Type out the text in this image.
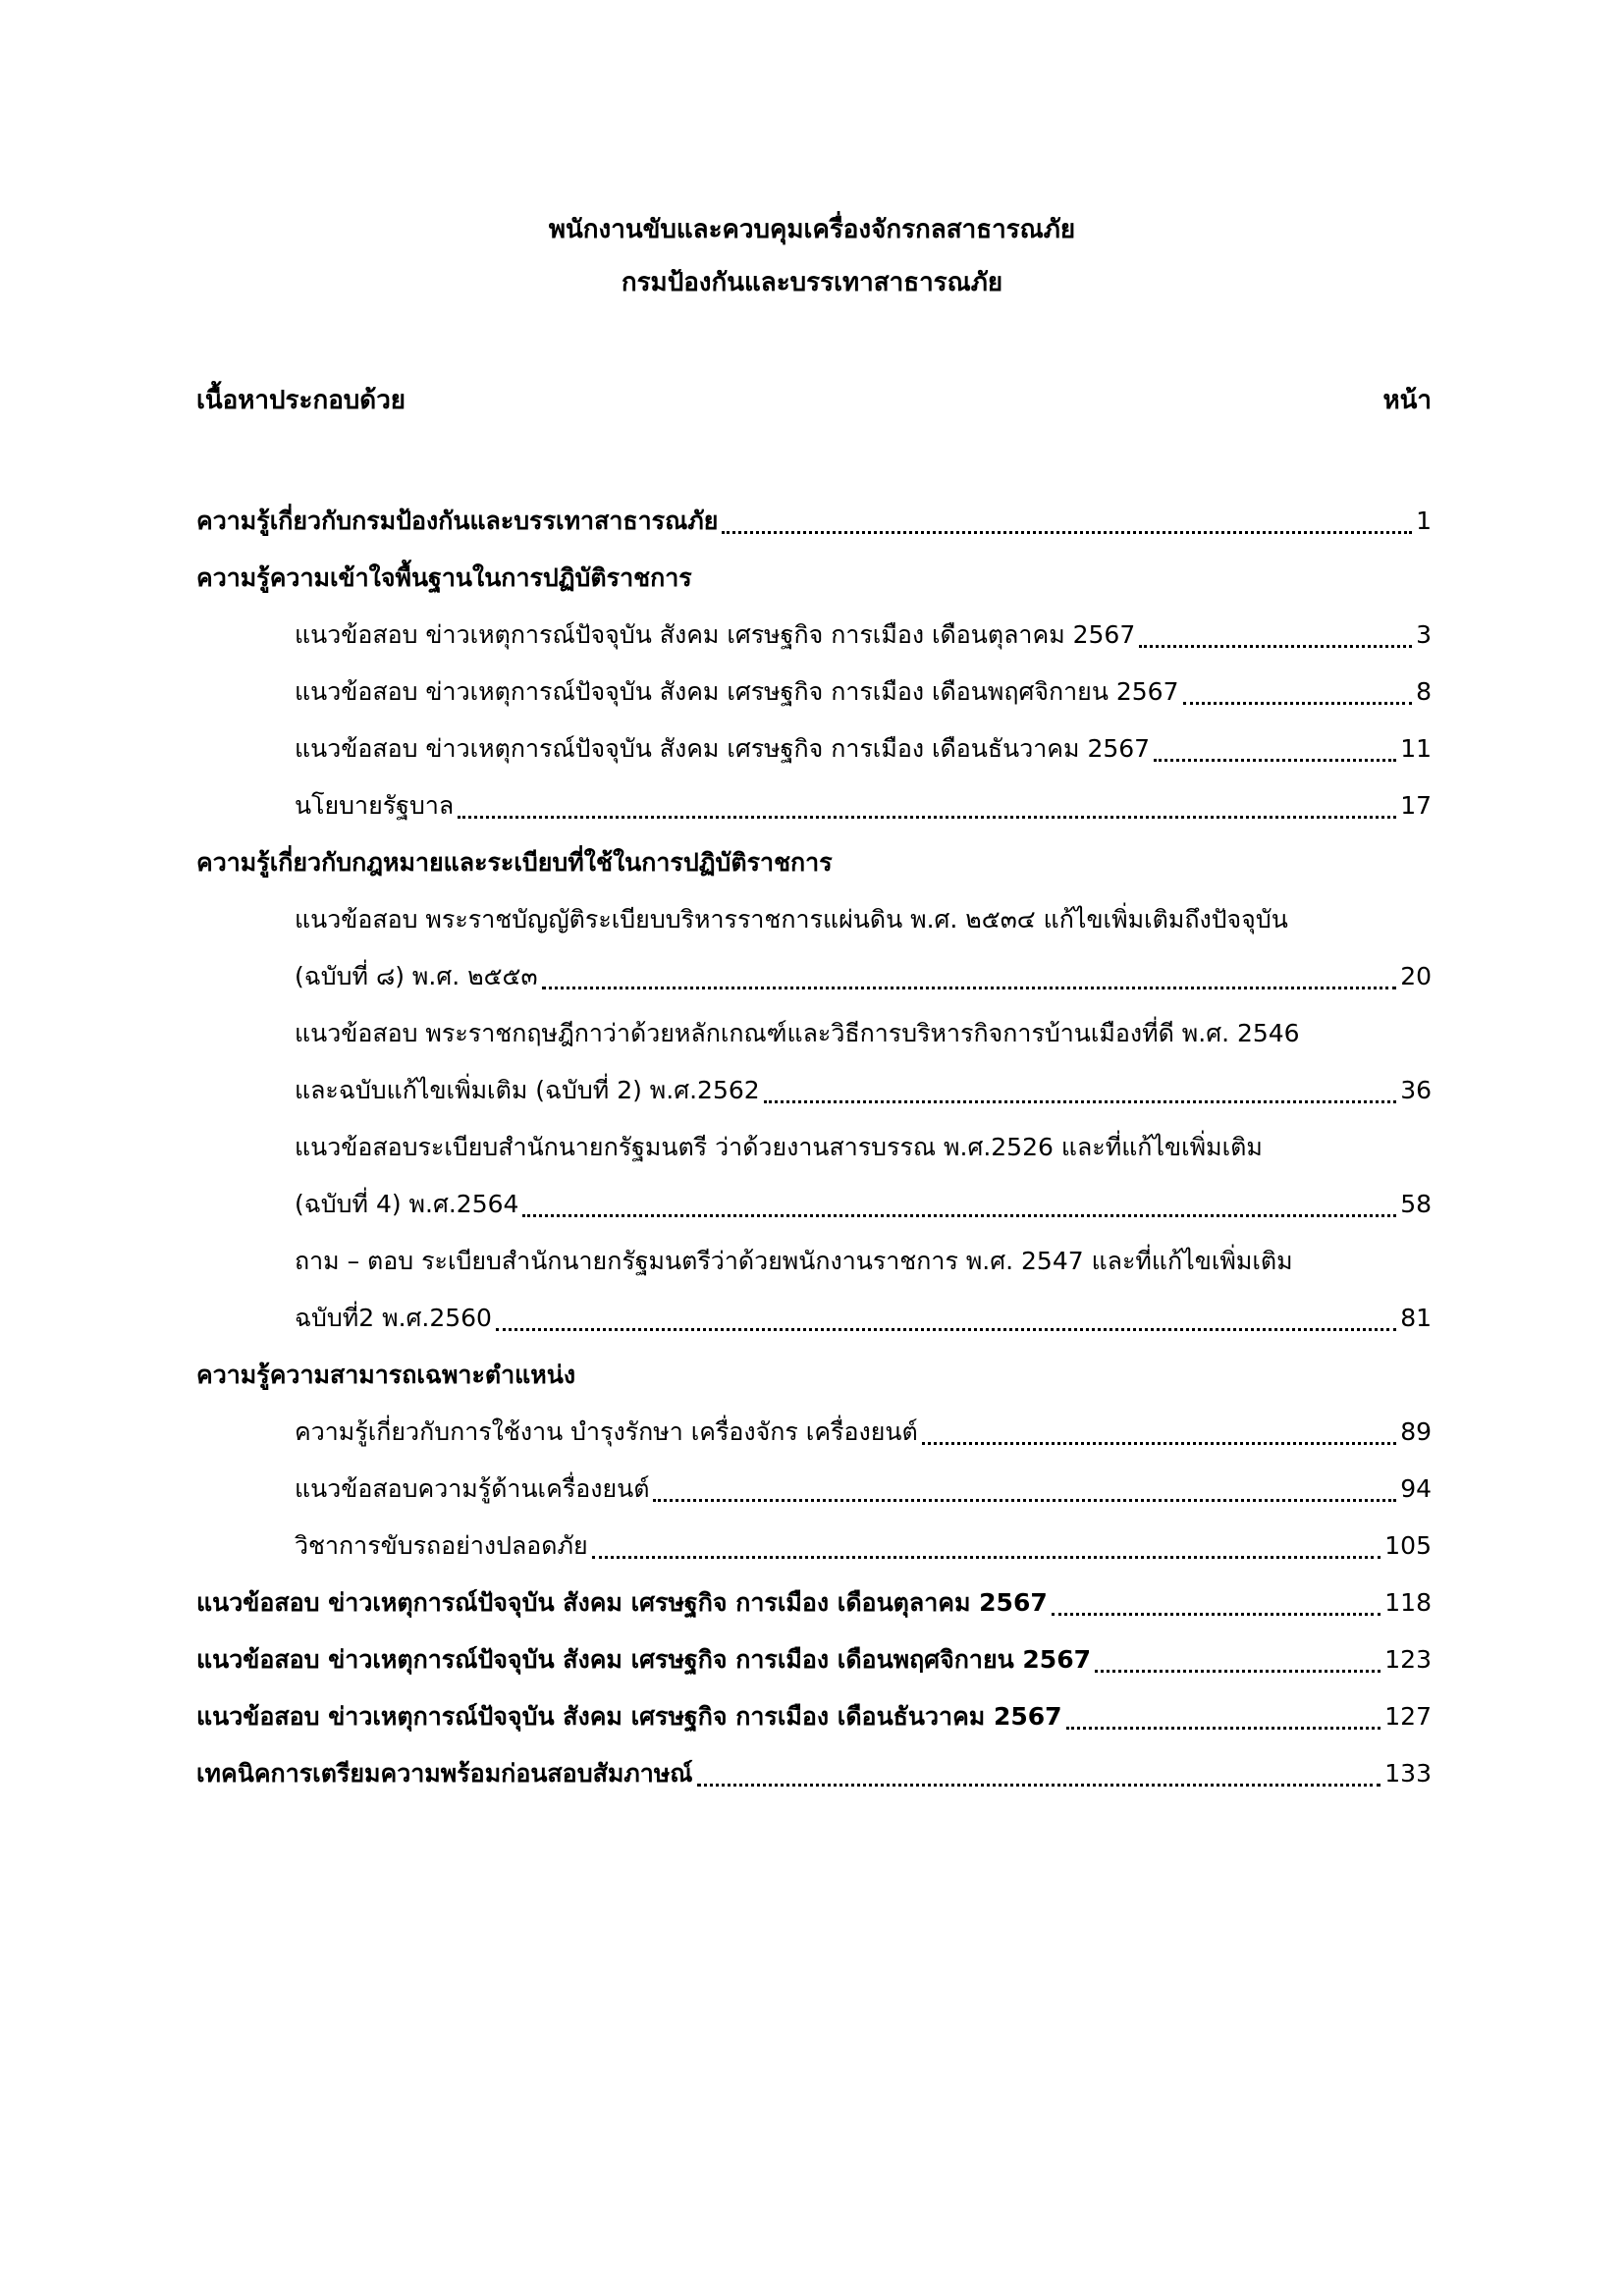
พนักงานขับและควบคุมเครื่องจักรกลสาธารณภัย
กรมป้องกันและบรรเทาสาธารณภัย
เนื้อหาประกอบด้วย	หน้า
ความรู้เกี่ยวกับกรมป้องกันและบรรเทาสาธารณภัย	1
ความรู้ความเข้าใจพื้นฐานในการปฏิบัติราชการ
แนวข้อสอบ ข่าวเหตุการณ์ปัจจุบัน สังคม เศรษฐกิจ การเมือง เดือนตุลาคม 2567	3
แนวข้อสอบ ข่าวเหตุการณ์ปัจจุบัน สังคม เศรษฐกิจ การเมือง เดือนพฤศจิกายน 2567	8
แนวข้อสอบ ข่าวเหตุการณ์ปัจจุบัน สังคม เศรษฐกิจ การเมือง เดือนธันวาคม 2567	11
นโยบายรัฐบาล	17
ความรู้เกี่ยวกับกฎหมายและระเบียบที่ใช้ในการปฏิบัติราชการ
แนวข้อสอบ พระราชบัญญัติระเบียบบริหารราชการแผ่นดิน พ.ศ. ๒๕๓๔ แก้ไขเพิ่มเติมถึงปัจจุบัน
(ฉบับที่ ๘) พ.ศ. ๒๕๕๓	20
แนวข้อสอบ พระราชกฤษฎีกาว่าด้วยหลักเกณฑ์และวิธีการบริหารกิจการบ้านเมืองที่ดี พ.ศ. 2546
และฉบับแก้ไขเพิ่มเติม (ฉบับที่ 2) พ.ศ.2562	36
แนวข้อสอบระเบียบสำนักนายกรัฐมนตรี ว่าด้วยงานสารบรรณ พ.ศ.2526 และที่แก้ไขเพิ่มเติม
(ฉบับที่ 4) พ.ศ.2564	58
ถาม – ตอบ ระเบียบสำนักนายกรัฐมนตรีว่าด้วยพนักงานราชการ พ.ศ. 2547 และที่แก้ไขเพิ่มเติม
ฉบับที่2 พ.ศ.2560	81
ความรู้ความสามารถเฉพาะตำแหน่ง
ความรู้เกี่ยวกับการใช้งาน บำรุงรักษา เครื่องจักร เครื่องยนต์	89
แนวข้อสอบความรู้ด้านเครื่องยนต์	94
วิชาการขับรถอย่างปลอดภัย	105
แนวข้อสอบ ข่าวเหตุการณ์ปัจจุบัน สังคม เศรษฐกิจ การเมือง เดือนตุลาคม 2567	118
แนวข้อสอบ ข่าวเหตุการณ์ปัจจุบัน สังคม เศรษฐกิจ การเมือง เดือนพฤศจิกายน 2567	123
แนวข้อสอบ ข่าวเหตุการณ์ปัจจุบัน สังคม เศรษฐกิจ การเมือง เดือนธันวาคม 2567	127
เทคนิคการเตรียมความพร้อมก่อนสอบสัมภาษณ์	133
